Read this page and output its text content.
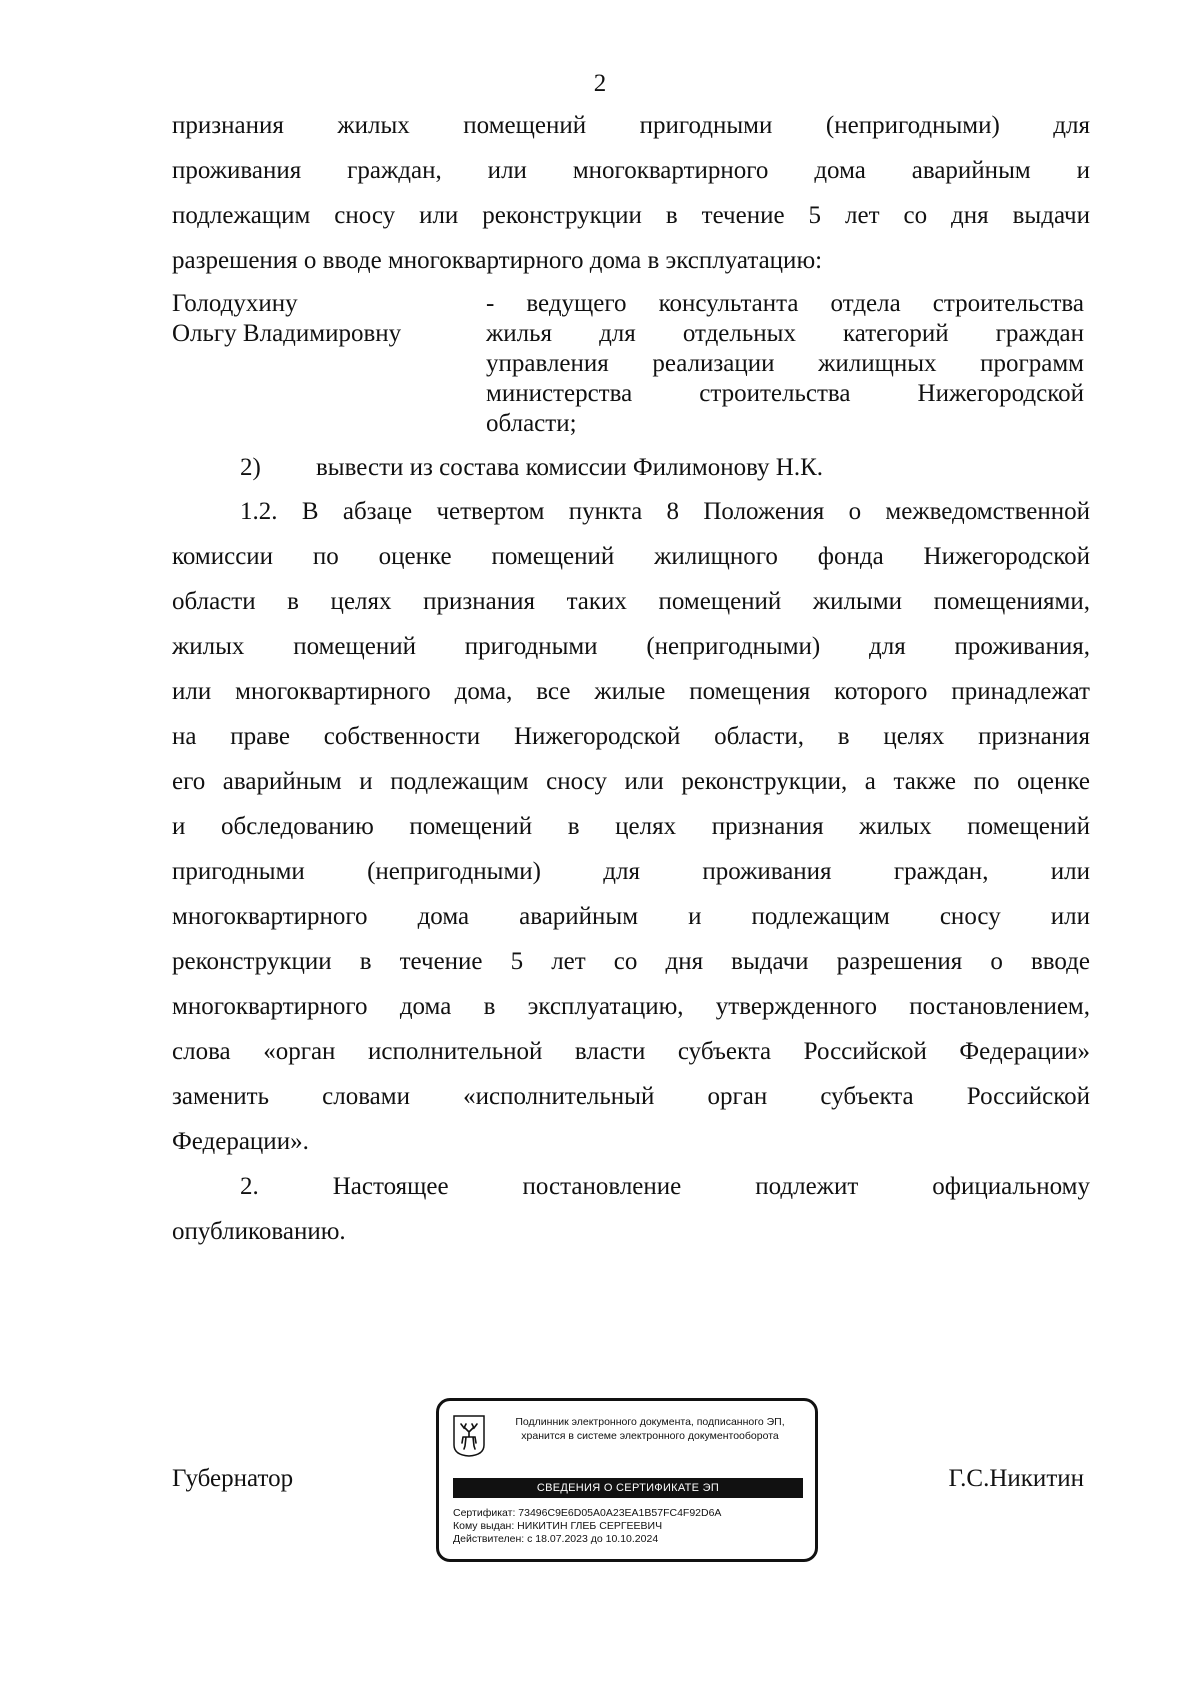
2
признания жилых помещений пригодными (непригодными) для
проживания граждан, или многоквартирного дома аварийным и
подлежащим сносу или реконструкции в течение 5 лет со дня выдачи
разрешения о вводе многоквартирного дома в эксплуатацию:
Голодухину
Ольгу Владимировну
- ведущего консультанта отдела строительства
жилья для отдельных категорий граждан
управления реализации жилищных программ
министерства строительства Нижегородской
области;
2) вывести из состава комиссии Филимонову Н.К.
1.2. В абзаце четвертом пункта 8 Положения о межведомственной
комиссии по оценке помещений жилищного фонда Нижегородской
области в целях признания таких помещений жилыми помещениями,
жилых помещений пригодными (непригодными) для проживания,
или многоквартирного дома, все жилые помещения которого принадлежат
на праве собственности Нижегородской области, в целях признания
его аварийным и подлежащим сносу или реконструкции, а также по оценке
и обследованию помещений в целях признания жилых помещений
пригодными (непригодными) для проживания граждан, или
многоквартирного дома аварийным и подлежащим сносу или
реконструкции в течение 5 лет со дня выдачи разрешения о вводе
многоквартирного дома в эксплуатацию, утвержденного постановлением,
слова «орган исполнительной власти субъекта Российской Федерации»
заменить словами «исполнительный орган субъекта Российской
Федерации».
2. Настоящее постановление подлежит официальному
опубликованию.
Губернатор	Г.С.Никитин
Подлинник электронного документа, подписанного ЭП,
хранится в системе электронного документооборота
СВЕДЕНИЯ О СЕРТИФИКАТЕ ЭП
Сертификат: 73496C9E6D05A0A23EA1B57FC4F92D6A
Кому выдан: НИКИТИН ГЛЕБ СЕРГЕЕВИЧ
Действителен: с 18.07.2023 до 10.10.2024
